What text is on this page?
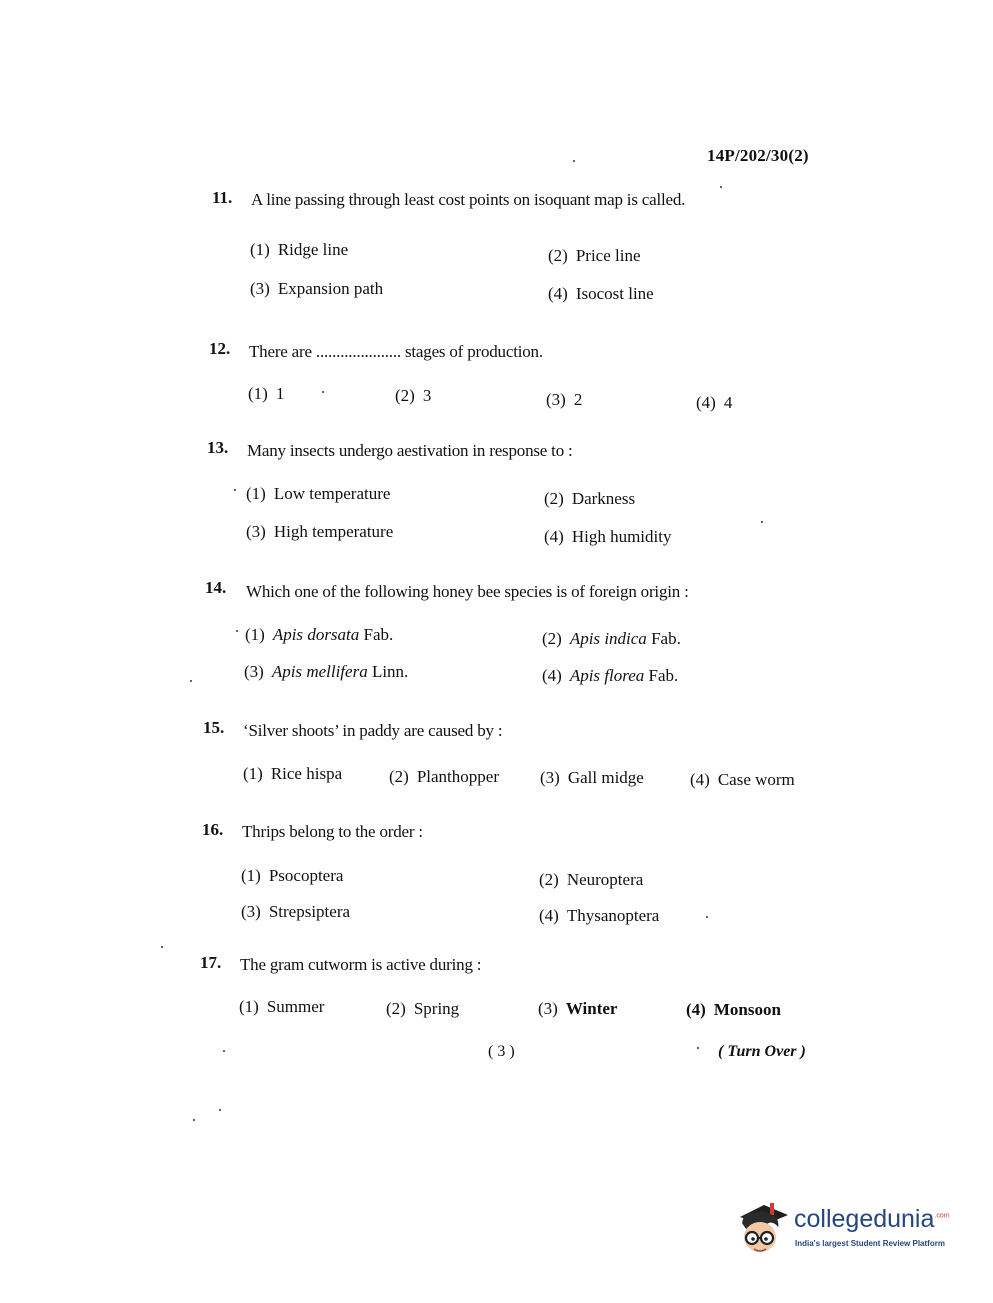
14P/202/30(2)
11. A line passing through least cost points on isoquant map is called.
(1) Ridge line	(2) Price line
(3) Expansion path	(4) Isocost line
12. There are ..................... stages of production.
(1) 1	(2) 3	(3) 2	(4) 4
13. Many insects undergo aestivation in response to :
(1) Low temperature	(2) Darkness
(3) High temperature	(4) High humidity
14. Which one of the following honey bee species is of foreign origin :
(1) Apis dorsata Fab.	(2) Apis indica Fab.
(3) Apis mellifera Linn.	(4) Apis florea Fab.
15. ‘Silver shoots’ in paddy are caused by :
(1) Rice hispa	(2) Planthopper (3) Gall midge	(4) Case worm
16. Thrips belong to the order :
(1) Psocoptera	(2) Neuroptera
(3) Strepsiptera	(4) Thysanoptera
17. The gram cutworm is active during :
(1) Summer	(2) Spring	(3) Winter	(4) Monsoon
( 3 )	( Turn Over )
collegedunia$^{.com}$
India's largest Student Review Platform
